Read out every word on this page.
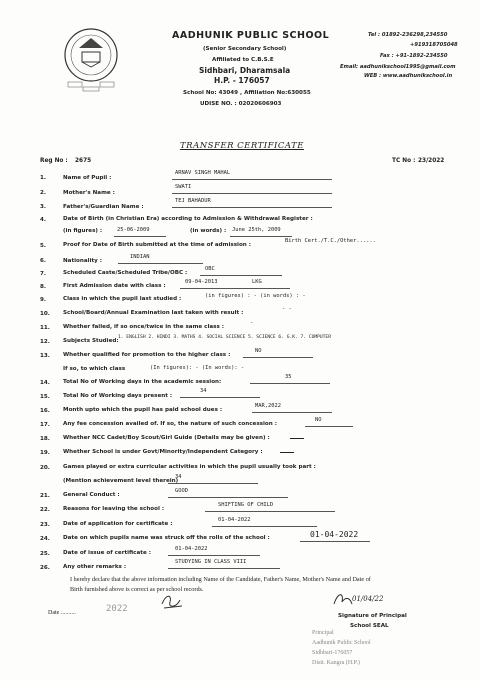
AADHUNIK PUBLIC SCHOOL
(Senior Secondary School)
Affiliated to C.B.S.E
Sidhbari, Dharamsala
H.P. - 176057
School No: 43049 , Affiliation No:630055
UDISE NO. : 02020606903
Tel : 01892-236298,234550
+919318705048
Fax : +91-1892-234550
Email: aadhunikschool1995@gmail.com
WEB : www.aadhunikschool.in
TRANSFER CERTIFICATE
Reg No : 2675	TC No : 23/2022
1.	Name of Pupil :
ARNAV SINGH MAHAL
2.	Mother's Name :
SWATI
3.	Father's/Guardian Name :
TEJ BAHADUR
4.	Date of Birth (in Christian Era) according to Admission & Withdrawal Register :
(in figures) :	25-06-2009	(in words) : June 25th, 2009
5.	Proof for Date of Birth submitted at the time of admission :
Birth Cert./T.C./Other......
6.	Nationality :
INDIAN
7.	Scheduled Caste/Scheduled Tribe/OBC :
OBC
8.	First Admission date with class :
09-04-2013	LKG
9.	Class in which the pupil last studied :	(in figures) : - (in words) : -
10. School/Board/Annual Examination last taken with result :
- -
11. Whether failed, if so once/twice in the same class :
-
12. Subjects Studied:
1. ENGLISH 2. HINDI 3. MATHS 4. SOCIAL SCIENCE 5. SCIENCE 6. G.K. 7. COMPUTER
13. Whether qualified for promotion to the higher class :
NO
If so, to which class	(In figures): - (In words): -
14. Total No of Working days in the academic session:
35
15. Total No of Working days present :
34
16. Month upto which the pupil has paid school dues :
MAR,2022
17. Any fee concession availed of. If so, the nature of such concession :
NO
18. Whether NCC Cadet/Boy Scout/Girl Guide (Details may be given) :
19. Whether School is under Govt/Minority/Independent Category :
20. Games played or extra curricular activities in which the pupil usually took part :
(Mention achievement level therein)
34
21. General Conduct :
GOOD
22. Reasons for leaving the school :
SHIFTING OF CHILD
23. Date of application for certificate :
01-04-2022
24. Date on which pupils name was struck off the rolls of the school :	01-04-2022
25. Date of issue of certificate :
01-04-2022
26. Any other remarks :
STUDYING IN CLASS VIII
I hereby declare that the above information including Name of the Candidate, Father's Name, Mother's Name and Date of
Birth furnished above is correct as per school records.
Date ..........	2022
01/04/22
Signature of Principal
School SEAL
Principal
Aadhunik Public School
Sidhbari-176057
Distt. Kangra (H.P.)
